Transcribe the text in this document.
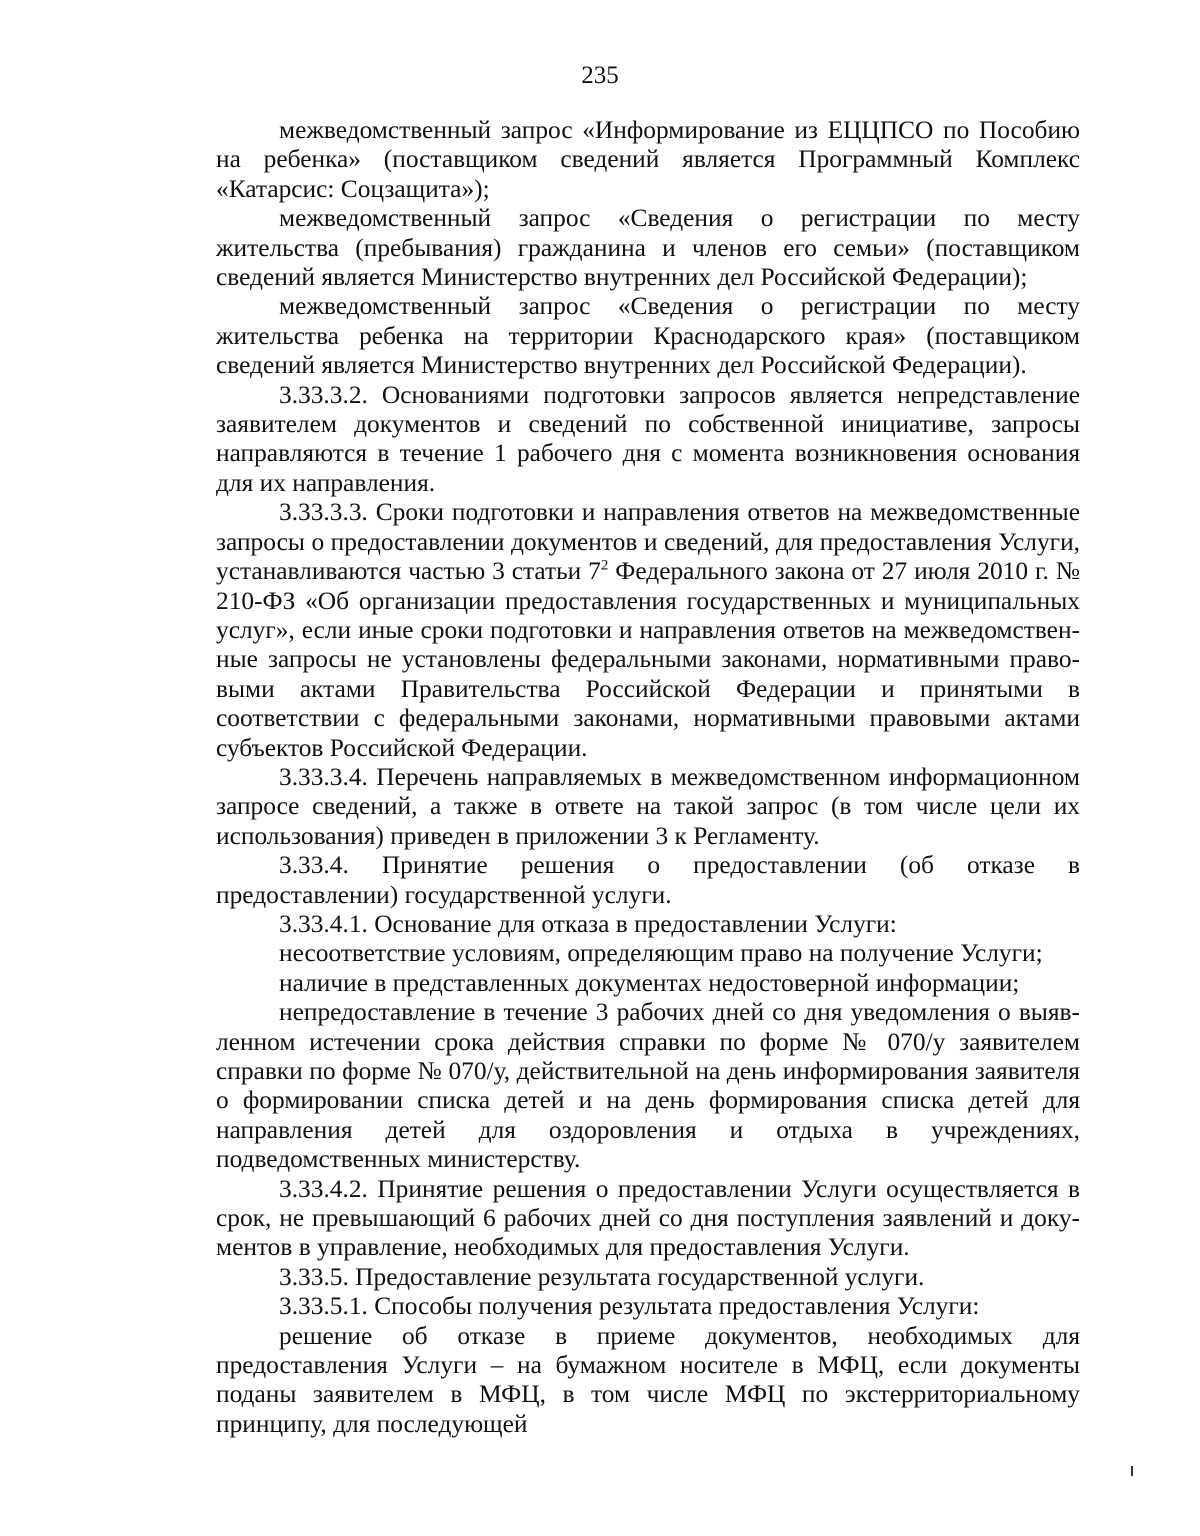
235

межведомственный запрос «Информирование из ЕЦЦПСО по Пособию на ребенка» (поставщиком сведений является Программный Комплекс «Катарсис: Соцзащита»);

межведомственный запрос «Сведения о регистрации по месту жительства (пребывания) гражданина и членов его семьи» (поставщиком сведений является Министерство внутренних дел Российской Федерации);

межведомственный запрос «Сведения о регистрации по месту жительства ребенка на территории Краснодарского края» (поставщиком сведений является Министерство внутренних дел Российской Федерации).

3.33.3.2. Основаниями подготовки запросов является непредставление заявителем документов и сведений по собственной инициативе, запросы направляются в течение 1 рабочего дня с момента возникновения основания для их направления.

3.33.3.3. Сроки подготовки и направления ответов на межведомственные запросы о предоставлении документов и сведений, для предоставления Услуги, устанавливаются частью 3 статьи $7^2$ Федерального закона от 27 июля 2010 г. № 210-ФЗ «Об организации предоставления государственных и муниципальных услуг», если иные сроки подготовки и направления ответов на межведомственные запросы не установлены федеральными законами, нормативными правовыми актами Правительства Российской Федерации и принятыми в соответствии с федеральными законами, нормативными правовыми актами субъектов Российской Федерации.

3.33.3.4. Перечень направляемых в межведомственном информационном запросе сведений, а также в ответе на такой запрос (в том числе цели их использования) приведен в приложении 3 к Регламенту.

3.33.4. Принятие решения о предоставлении (об отказе в предоставлении) государственной услуги.

3.33.4.1. Основание для отказа в предоставлении Услуги:

несоответствие условиям, определяющим право на получение Услуги;

наличие в представленных документах недостоверной информации;

непредоставление в течение 3 рабочих дней со дня уведомления о выявленном истечении срока действия справки по форме № 070/у заявителем справки по форме № 070/у, действительной на день информирования заявителя о формировании списка детей и на день формирования списка детей для направления детей для оздоровления и отдыха в учреждениях, подведомственных министерству.

3.33.4.2. Принятие решения о предоставлении Услуги осуществляется в срок, не превышающий 6 рабочих дней со дня поступления заявлений и документов в управление, необходимых для предоставления Услуги.

3.33.5. Предоставление результата государственной услуги.

3.33.5.1. Способы получения результата предоставления Услуги:

решение об отказе в приеме документов, необходимых для предоставления Услуги – на бумажном носителе в МФЦ, если документы поданы заявителем в МФЦ, в том числе МФЦ по экстерриториальному принципу, для последующей
